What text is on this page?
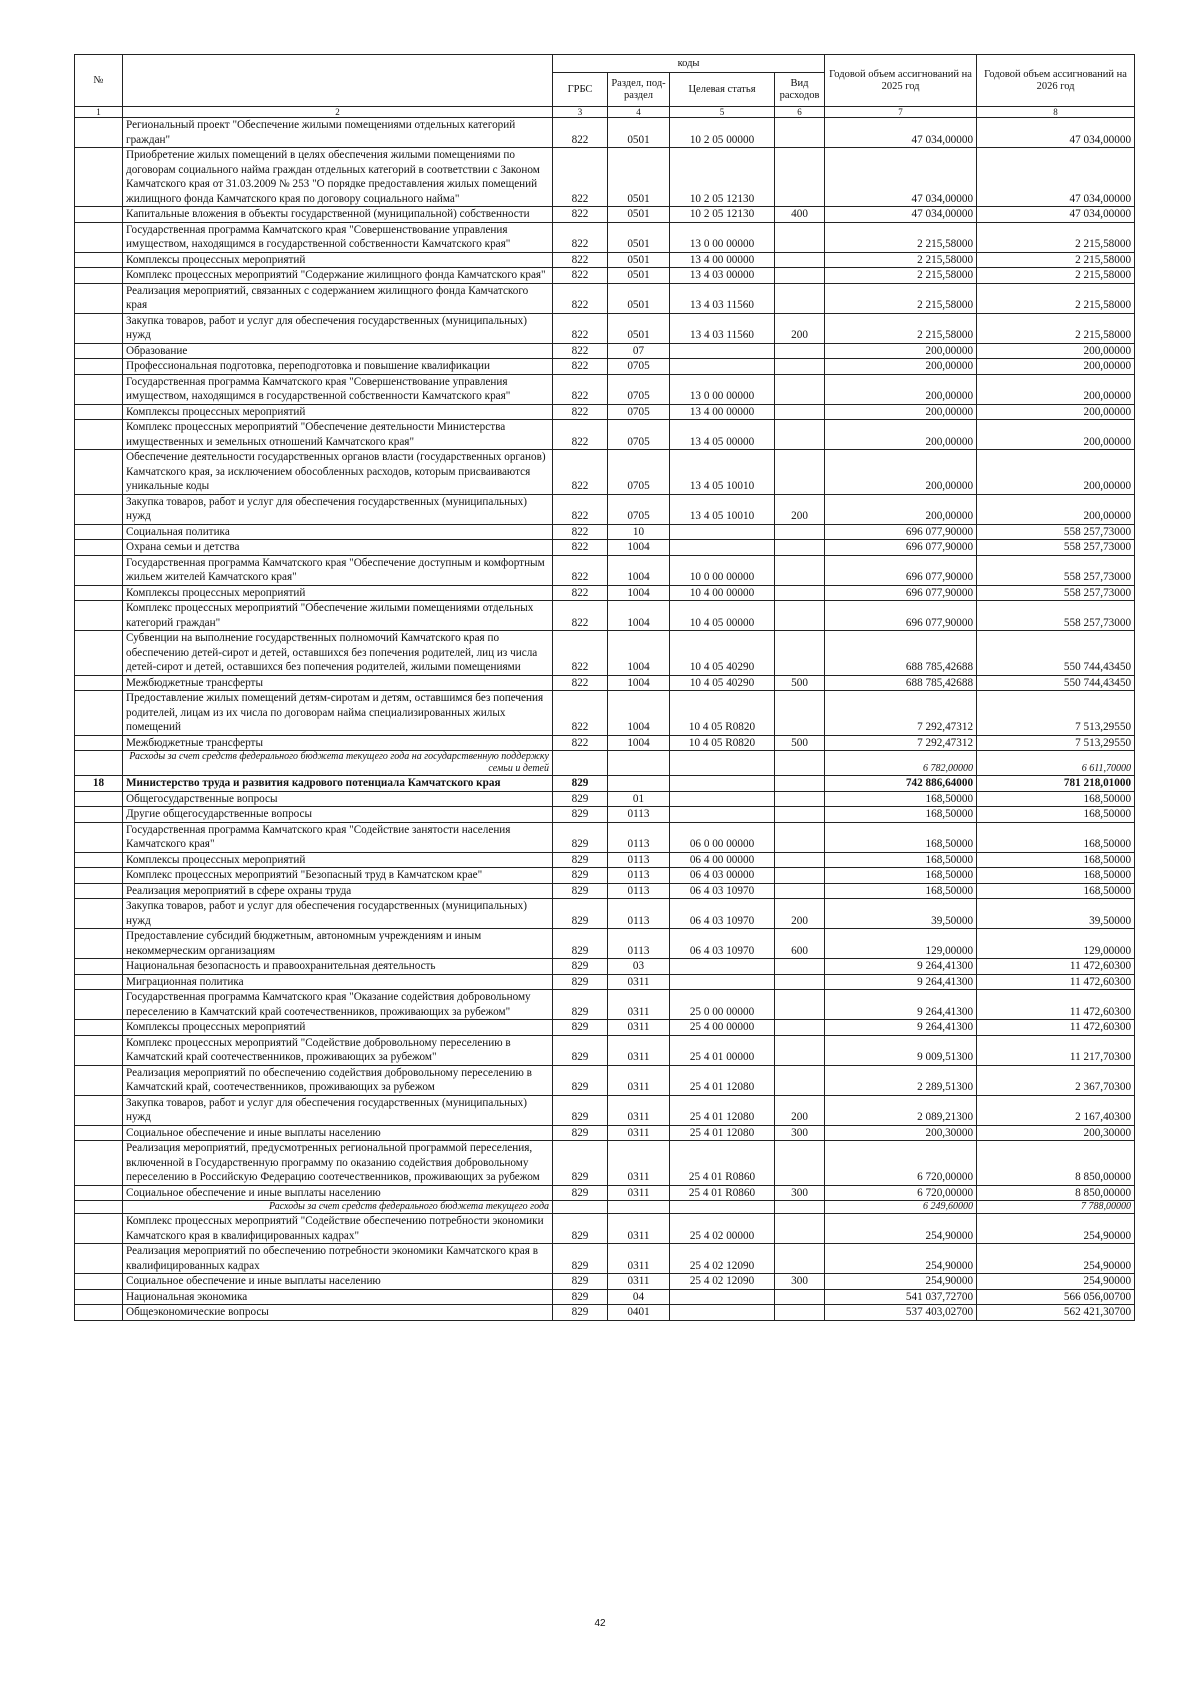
№		коды				Годовой объем ассигнований на 2025 год	Годовой объем ассигнований на 2026 год
		ГРБС	Раздел, под-раздел	Целевая статья	Вид расходов		
1	2	3	4	5	6	7	8
	Региональный проект "Обеспечение жилыми помещениями отдельных категорий граждан"	822	0501	10 2 05 00000		47 034,00000	47 034,00000
	Приобретение жилых помещений в целях обеспечения жилыми помещениями по договорам социального найма граждан отдельных категорий в соответствии с Законом Камчатского края от 31.03.2009 № 253 "О порядке предоставления жилых помещений жилищного фонда Камчатского края по договору социального найма"	822	0501	10 2 05 12130		47 034,00000	47 034,00000
	Капитальные вложения в объекты государственной (муниципальной) собственности	822	0501	10 2 05 12130	400	47 034,00000	47 034,00000
	Государственная программа Камчатского края "Совершенствование управления имуществом, находящимся в государственной собственности Камчатского края"	822	0501	13 0 00 00000		2 215,58000	2 215,58000
	Комплексы процессных мероприятий	822	0501	13 4 00 00000		2 215,58000	2 215,58000
	Комплекс процессных мероприятий "Содержание жилищного фонда Камчатского края"	822	0501	13 4 03 00000		2 215,58000	2 215,58000
	Реализация мероприятий, связанных с содержанием жилищного фонда Камчатского края	822	0501	13 4 03 11560		2 215,58000	2 215,58000
	Закупка товаров, работ и услуг для обеспечения государственных (муниципальных) нужд	822	0501	13 4 03 11560	200	2 215,58000	2 215,58000
	Образование	822	07			200,00000	200,00000
	Профессиональная подготовка, переподготовка и повышение квалификации	822	0705			200,00000	200,00000
	Государственная программа Камчатского края "Совершенствование управления имуществом, находящимся в государственной собственности Камчатского края"	822	0705	13 0 00 00000		200,00000	200,00000
	Комплексы процессных мероприятий	822	0705	13 4 00 00000		200,00000	200,00000
	Комплекс процессных мероприятий "Обеспечение деятельности Министерства имущественных и земельных отношений Камчатского края"	822	0705	13 4 05 00000		200,00000	200,00000
	Обеспечение деятельности государственных органов власти (государственных органов) Камчатского края, за исключением обособленных расходов, которым присваиваются уникальные коды	822	0705	13 4 05 10010		200,00000	200,00000
	Закупка товаров, работ и услуг для обеспечения государственных (муниципальных) нужд	822	0705	13 4 05 10010	200	200,00000	200,00000
	Социальная политика	822	10			696 077,90000	558 257,73000
	Охрана семьи и детства	822	1004			696 077,90000	558 257,73000
	Государственная программа Камчатского края "Обеспечение доступным и комфортным жильем жителей Камчатского края"	822	1004	10 0 00 00000		696 077,90000	558 257,73000
	Комплексы процессных мероприятий	822	1004	10 4 00 00000		696 077,90000	558 257,73000
	Комплекс процессных мероприятий "Обеспечение жилыми помещениями отдельных категорий граждан"	822	1004	10 4 05 00000		696 077,90000	558 257,73000
	Субвенции на выполнение государственных полномочий Камчатского края по обеспечению детей-сирот и детей, оставшихся без попечения родителей, лиц из числа детей-сирот и детей, оставшихся без попечения родителей, жилыми помещениями	822	1004	10 4 05 40290		688 785,42688	550 744,43450
	Межбюджетные трансферты	822	1004	10 4 05 40290	500	688 785,42688	550 744,43450
	Предоставление жилых помещений детям-сиротам и детям, оставшимся без попечения родителей, лицам из их числа по договорам найма специализированных жилых помещений	822	1004	10 4 05 R0820		7 292,47312	7 513,29550
	Межбюджетные трансферты	822	1004	10 4 05 R0820	500	7 292,47312	7 513,29550
	Расходы за счет средств федерального бюджета текущего года на государственную поддержку семьи и детей					6 782,00000	6 611,70000
18	Министерство труда и развития кадрового потенциала Камчатского края	829				742 886,64000	781 218,01000
	Общегосударственные вопросы	829	01			168,50000	168,50000
	Другие общегосударственные вопросы	829	0113			168,50000	168,50000
	Государственная программа Камчатского края "Содействие занятости населения Камчатского края"	829	0113	06 0 00 00000		168,50000	168,50000
	Комплексы процессных мероприятий	829	0113	06 4 00 00000		168,50000	168,50000
	Комплекс процессных мероприятий "Безопасный труд в Камчатском крае"	829	0113	06 4 03 00000		168,50000	168,50000
	Реализация мероприятий в сфере охраны труда	829	0113	06 4 03 10970		168,50000	168,50000
	Закупка товаров, работ и услуг для обеспечения государственных (муниципальных) нужд	829	0113	06 4 03 10970	200	39,50000	39,50000
	Предоставление субсидий бюджетным, автономным учреждениям и иным некоммерческим организациям	829	0113	06 4 03 10970	600	129,00000	129,00000
	Национальная безопасность и правоохранительная деятельность	829	03			9 264,41300	11 472,60300
	Миграционная политика	829	0311			9 264,41300	11 472,60300
	Государственная программа Камчатского края "Оказание содействия добровольному переселению в Камчатский край соотечественников, проживающих за рубежом"	829	0311	25 0 00 00000		9 264,41300	11 472,60300
	Комплексы процессных мероприятий	829	0311	25 4 00 00000		9 264,41300	11 472,60300
	Комплекс процессных мероприятий "Содействие добровольному переселению в Камчатский край соотечественников, проживающих за рубежом"	829	0311	25 4 01 00000		9 009,51300	11 217,70300
	Реализация мероприятий по обеспечению содействия добровольному переселению в Камчатский край, соотечественников, проживающих за рубежом	829	0311	25 4 01 12080		2 289,51300	2 367,70300
	Закупка товаров, работ и услуг для обеспечения государственных (муниципальных) нужд	829	0311	25 4 01 12080	200	2 089,21300	2 167,40300
	Социальное обеспечение и иные выплаты населению	829	0311	25 4 01 12080	300	200,30000	200,30000
	Реализация мероприятий, предусмотренных региональной программой переселения, включенной в Государственную программу по оказанию содействия добровольному переселению в Российскую Федерацию соотечественников, проживающих за рубежом	829	0311	25 4 01 R0860		6 720,00000	8 850,00000
	Социальное обеспечение и иные выплаты населению	829	0311	25 4 01 R0860	300	6 720,00000	8 850,00000
	Расходы за счет средств федерального бюджета текущего года					6 249,60000	7 788,00000
	Комплекс процессных мероприятий "Содействие обеспечению потребности экономики Камчатского края в квалифицированных кадрах"	829	0311	25 4 02 00000		254,90000	254,90000
	Реализация мероприятий по обеспечению потребности экономики Камчатского края в квалифицированных кадрах	829	0311	25 4 02 12090		254,90000	254,90000
	Социальное обеспечение и иные выплаты населению	829	0311	25 4 02 12090	300	254,90000	254,90000
	Национальная экономика	829	04			541 037,72700	566 056,00700
	Общеэкономические вопросы	829	0401			537 403,02700	562 421,30700
42
